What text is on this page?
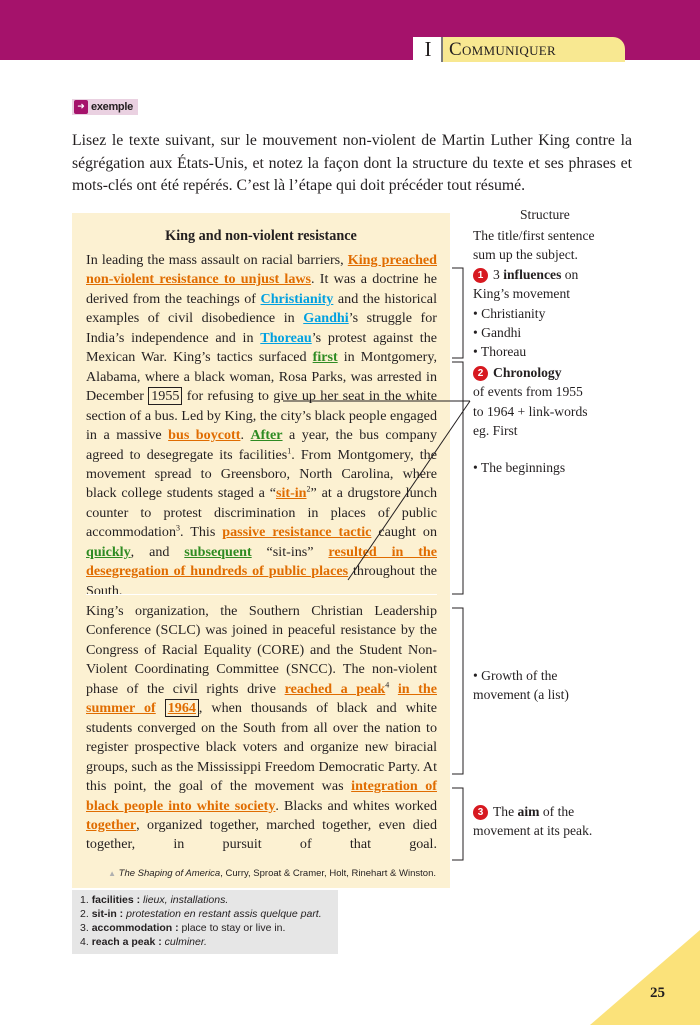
I Communiquer
➜ exemple

Lisez le texte suivant, sur le mouvement non-violent de Martin Luther King contre la ségrégation aux États-Unis, et notez la façon dont la structure du texte et ses phrases et mots-clés ont été repérés. C’est là l’étape qui doit précéder tout résumé.

King and non-violent resistance

In leading the mass assault on racial barriers, King preached non-violent resistance to unjust laws. It was a doctrine he derived from the teachings of Christianity and the historical examples of civil disobedience in Gandhi’s struggle for India’s independence and in Thoreau’s protest against the Mexican War. King’s tactics surfaced first in Montgomery, Alabama, where a black woman, Rosa Parks, was arrested in December 1955 for refusing to give up her seat in the white section of a bus. Led by King, the city’s black people engaged in a massive bus boycott. After a year, the bus company agreed to desegregate its facilities$^1$. From Montgomery, the movement spread to Greensboro, North Carolina, where black college students staged a “$sit-in^2$” at a drugstore lunch counter to protest discrimination in places of public accommodation$^3$. This passive resistance tactic caught on quickly, and subsequent “sit-ins” resulted in the desegregation of hundreds of public places throughout the South.

King’s organization, the Southern Christian Leadership Conference (SCLC) was joined in peaceful resistance by the Congress of Racial Equality (CORE) and the Student Non-Violent Coordinating Committee (SNCC). The non-violent phase of the civil rights drive reached a peak$^4$ in the summer of 1964 , when thousands of black and white students converged on the South from all over the nation to register prospective black voters and organize new biracial groups, such as the Mississippi Freedom Democratic Party. At this point, the goal of the movement was integration of black people into white society. Blacks and whites worked together, organized together, marched together, even died together, in pursuit of that goal.

▲ The Shaping of America, Curry, Sproat & Cramer, Holt, Rinehart & Winston.
1. facilities : lieux, installations.
2. sit-in : protestation en restant assis quelque part.
3. accommodation : place to stay or live in.
4. reach a peak : culminer.
Structure
The title/first sentence
sum up the subject.
1 3 influences on
King’s movement
• Christianity
• Gandhi
• Thoreau
2 Chronology
of events from 1955
to 1964 + link-words
eg. First
• The beginnings
• Growth of the
movement (a list)
3 The aim of the
movement at its peak.
25
